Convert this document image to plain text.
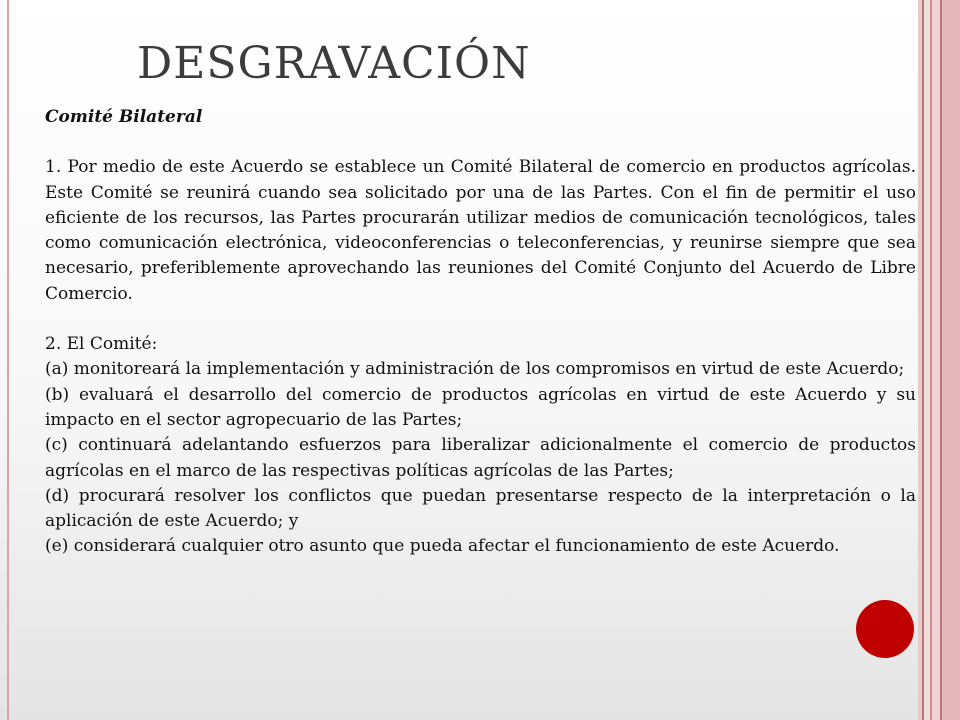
DESGRAVACIÓN

Comité Bilateral

1. Por medio de este Acuerdo se establece un Comité Bilateral de comercio en productos agrícolas. Este Comité se reunirá cuando sea solicitado por una de las Partes. Con el fin de permitir el uso eficiente de los recursos, las Partes procurarán utilizar medios de comunicación tecnológicos, tales como comunicación electrónica, videoconferencias o teleconferencias, y reunirse siempre que sea necesario, preferiblemente aprovechando las reuniones del Comité Conjunto del Acuerdo de Libre Comercio.

2. El Comité:

(a) monitoreará la implementación y administración de los compromisos en virtud de este Acuerdo;

(b) evaluará el desarrollo del comercio de productos agrícolas en virtud de este Acuerdo y su impacto en el sector agropecuario de las Partes;

(c) continuará adelantando esfuerzos para liberalizar adicionalmente el comercio de productos agrícolas en el marco de las respectivas políticas agrícolas de las Partes;

(d) procurará resolver los conflictos que puedan presentarse respecto de la interpretación o la aplicación de este Acuerdo; y

(e) considerará cualquier otro asunto que pueda afectar el funcionamiento de este Acuerdo.
